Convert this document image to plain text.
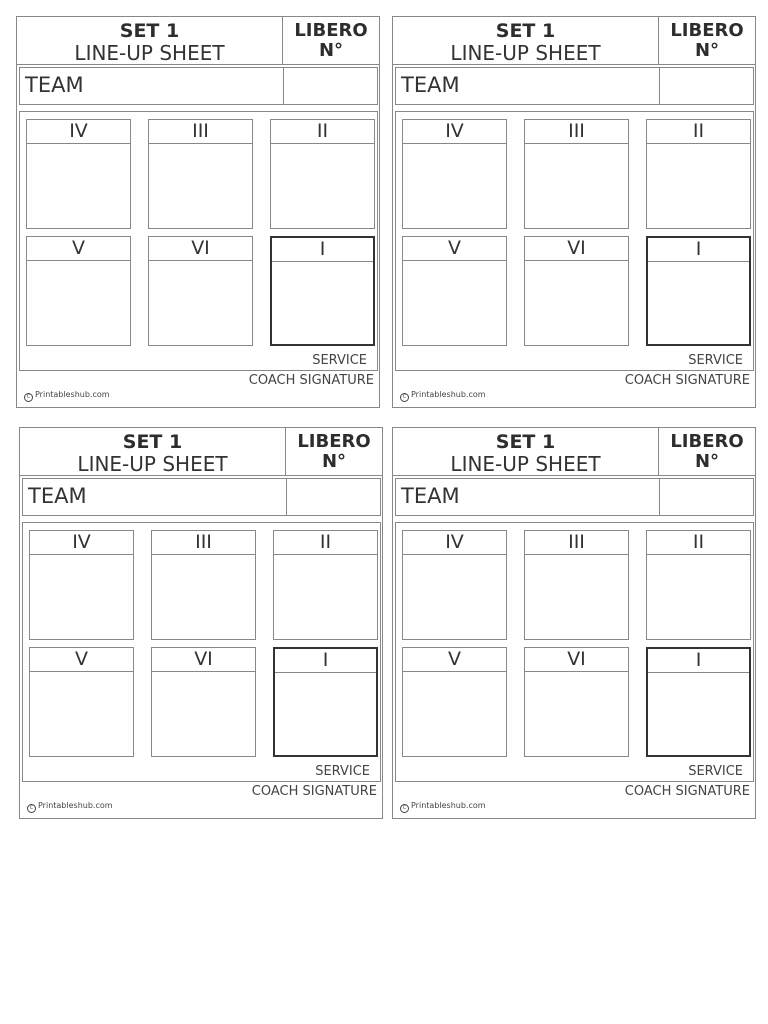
SET 1
LINE-UP SHEET
LIBERO
N°
TEAM
IV	III	II
V	VI	I
SERVICE
COACH SIGNATURE
C Printableshub.com
SET 1
LINE-UP SHEET
LIBERO
N°
TEAM
IV	III	II
V	VI	I
SERVICE
COACH SIGNATURE
C Printableshub.com
SET 1
LINE-UP SHEET
LIBERO
N°
TEAM
IV	III	II
V	VI	I
SERVICE
COACH SIGNATURE
C Printableshub.com
SET 1
LINE-UP SHEET
LIBERO
N°
TEAM
IV	III	II
V	VI	I
SERVICE
COACH SIGNATURE
C Printableshub.com
